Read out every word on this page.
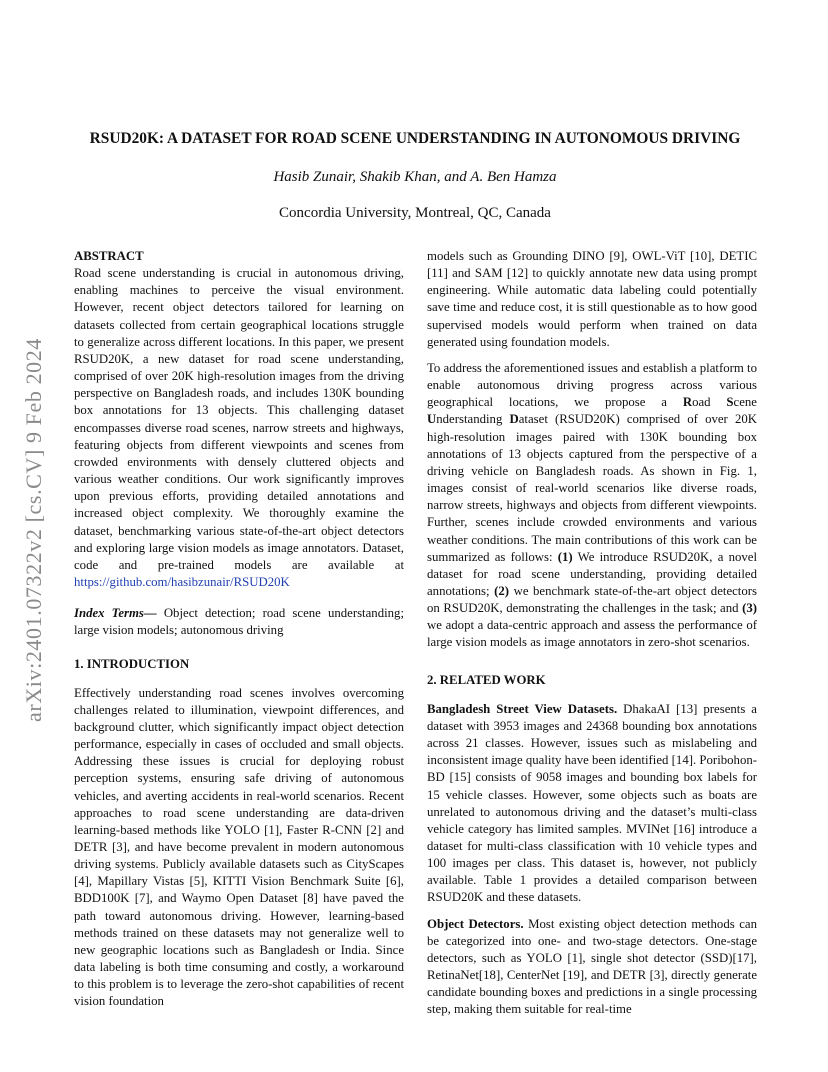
arXiv:2401.07322v2 [cs.CV] 9 Feb 2024
RSUD20K: A DATASET FOR ROAD SCENE UNDERSTANDING IN AUTONOMOUS DRIVING
Hasib Zunair, Shakib Khan, and A. Ben Hamza
Concordia University, Montreal, QC, Canada

ABSTRACT

Road scene understanding is crucial in autonomous driving, enabling machines to perceive the visual environment. However, recent object detectors tailored for learning on datasets collected from certain geographical locations struggle to generalize across different locations. In this paper, we present RSUD20K, a new dataset for road scene understanding, comprised of over 20K high-resolution images from the driving perspective on Bangladesh roads, and includes 130K bounding box annotations for 13 objects. This challenging dataset encompasses diverse road scenes, narrow streets and highways, featuring objects from different viewpoints and scenes from crowded environments with densely cluttered objects and various weather conditions. Our work significantly improves upon previous efforts, providing detailed annotations and increased object complexity. We thoroughly examine the dataset, benchmarking various state-of-the-art object detectors and exploring large vision models as image annotators. Dataset, code and pre-trained models are available at https://github.com/hasibzunair/RSUD20K

Index Terms— Object detection; road scene understanding; large vision models; autonomous driving

1. INTRODUCTION

Effectively understanding road scenes involves overcoming challenges related to illumination, viewpoint differences, and background clutter, which significantly impact object detection performance, especially in cases of occluded and small objects. Addressing these issues is crucial for deploying robust perception systems, ensuring safe driving of autonomous vehicles, and averting accidents in real-world scenarios. Recent approaches to road scene understanding are data-driven learning-based methods like YOLO [1], Faster R-CNN [2] and DETR [3], and have become prevalent in modern autonomous driving systems. Publicly available datasets such as CityScapes [4], Mapillary Vistas [5], KITTI Vision Benchmark Suite [6], BDD100K [7], and Waymo Open Dataset [8] have paved the path toward autonomous driving. However, learning-based methods trained on these datasets may not generalize well to new geographic locations such as Bangladesh or India. Since data labeling is both time consuming and costly, a workaround to this problem is to leverage the zero-shot capabilities of recent vision foundation

models such as Grounding DINO [9], OWL-ViT [10], DETIC [11] and SAM [12] to quickly annotate new data using prompt engineering. While automatic data labeling could potentially save time and reduce cost, it is still questionable as to how good supervised models would perform when trained on data generated using foundation models.

To address the aforementioned issues and establish a platform to enable autonomous driving progress across various geographical locations, we propose a Road Scene Understanding Dataset (RSUD20K) comprised of over 20K high-resolution images paired with 130K bounding box annotations of 13 objects captured from the perspective of a driving vehicle on Bangladesh roads. As shown in Fig. 1, images consist of real-world scenarios like diverse roads, narrow streets, highways and objects from different viewpoints. Further, scenes include crowded environments and various weather conditions. The main contributions of this work can be summarized as follows: (1) We introduce RSUD20K, a novel dataset for road scene understanding, providing detailed annotations; (2) we benchmark state-of-the-art object detectors on RSUD20K, demonstrating the challenges in the task; and (3) we adopt a data-centric approach and assess the performance of large vision models as image annotators in zero-shot scenarios.

2. RELATED WORK

Bangladesh Street View Datasets. DhakaAI [13] presents a dataset with 3953 images and 24368 bounding box annotations across 21 classes. However, issues such as mislabeling and inconsistent image quality have been identified [14]. Poribohon-BD [15] consists of 9058 images and bounding box labels for 15 vehicle classes. However, some objects such as boats are unrelated to autonomous driving and the dataset’s multi-class vehicle category has limited samples. MVINet [16] introduce a dataset for multi-class classification with 10 vehicle types and 100 images per class. This dataset is, however, not publicly available. Table 1 provides a detailed comparison between RSUD20K and these datasets.

Object Detectors. Most existing object detection methods can be categorized into one- and two-stage detectors. One-stage detectors, such as YOLO [1], single shot detector (SSD)[17], RetinaNet[18], CenterNet [19], and DETR [3], directly generate candidate bounding boxes and predictions in a single processing step, making them suitable for real-time
